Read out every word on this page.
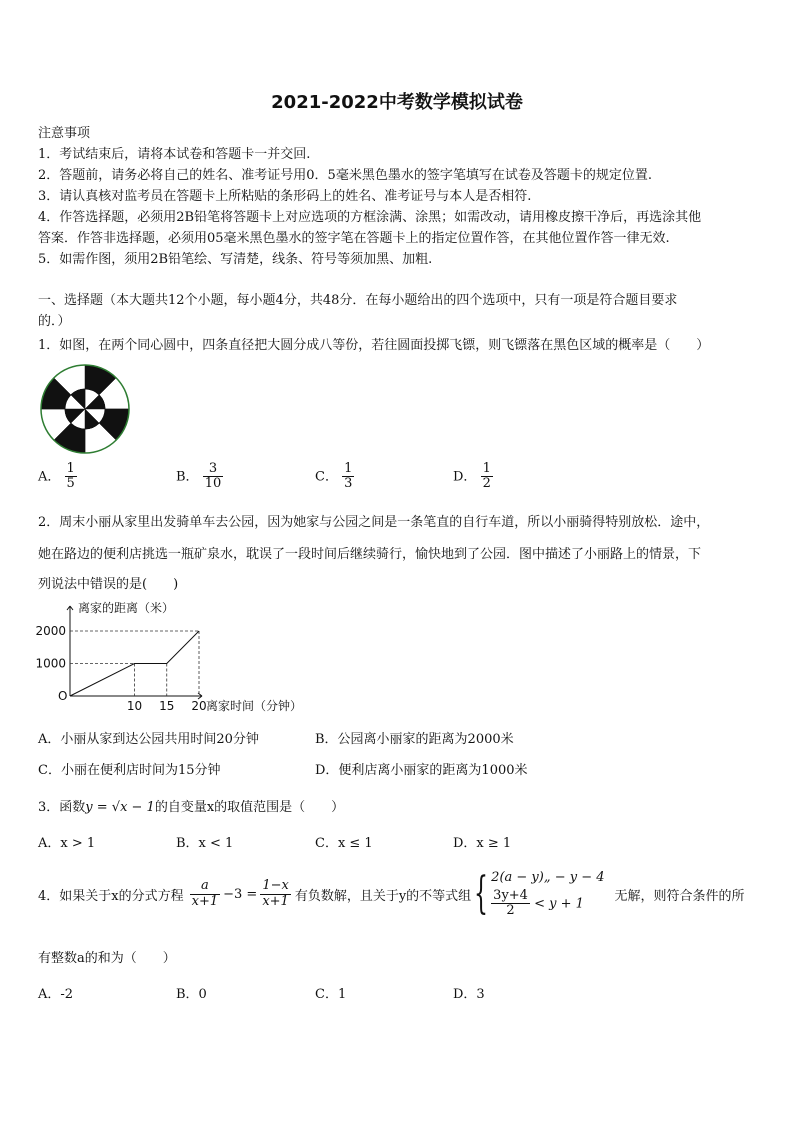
2021-2022中考数学模拟试卷
注意事项
1．考试结束后，请将本试卷和答题卡一并交回.
2．答题前，请务必将自己的姓名、准考证号用0．5毫米黑色墨水的签字笔填写在试卷及答题卡的规定位置.
3．请认真核对监考员在答题卡上所粘贴的条形码上的姓名、准考证号与本人是否相符.
4．作答选择题，必须用2B铅笔将答题卡上对应选项的方框涂满、涂黑；如需改动，请用橡皮擦干净后，再选涂其他
答案．作答非选择题，必须用05毫米黑色墨水的签字笔在答题卡上的指定位置作答，在其他位置作答一律无效.
5．如需作图，须用2B铅笔绘、写清楚，线条、符号等须加黑、加粗.
一、选择题（本大题共12个小题，每小题4分，共48分．在每小题给出的四个选项中，只有一项是符合题目要求
的．）
1．如图，在两个同心圆中，四条直径把大圆分成八等份，若往圆面投掷飞镖，则飞镖落在黑色区域的概率是（　　）
A． $\frac{1}{5}$	B． $\frac{3}{10}$	C． $\frac{1}{3}$	D． $\frac{1}{2}$
2．周末小丽从家里出发骑单车去公园，因为她家与公园之间是一条笔直的自行车道，所以小丽骑得特别放松．途中，
她在路边的便利店挑选一瓶矿泉水，耽误了一段时间后继续骑行，愉快地到了公园．图中描述了小丽路上的情景，下
列说法中错误的是(　　)
离家的距离（米）
2000
1000
O
10 15 20 离家时间（分钟）
A．小丽从家到达公园共用时间20分钟	B．公园离小丽家的距离为2000米
C．小丽在便利店时间为15分钟	D．便利店离小丽家的距离为1000米
3．函数y = √x − 1的自变量x的取值范围是（　　）
A．x > 1	B．x < 1	C．x ≤ 1	D．x ≥ 1
4．如果关于x的分式方程 $\frac{a}{x+1} -3 = \frac{1-x}{x+1}$ 有负数解，且关于y的不等式组 { 2(a − y)„ − y − 4
$\frac{3y+4}{2} < y + 1$	无解，则符合条件的所
有整数a的和为（　　）
A．-2	B．0	C．1	D．3
